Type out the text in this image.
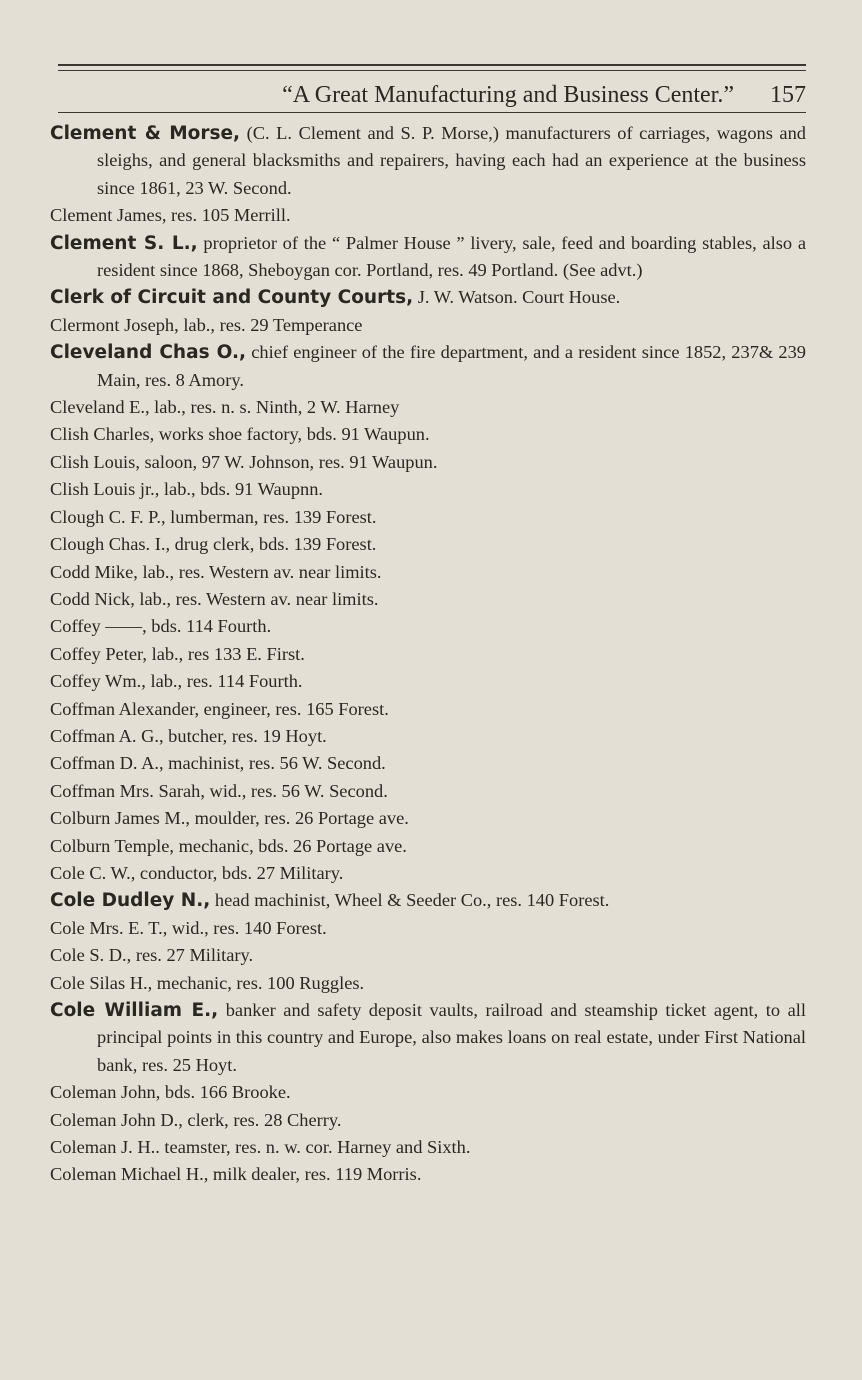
“A Great Manufacturing and Business Center.” 157

Clement & Morse, (C. L. Clement and S. P. Morse,) manufacturers of carriages, wagons and sleighs, and general blacksmiths and repairers, having each had an experience at the business since 1861, 23 W. Second.

Clement James, res. 105 Merrill.

Clement S. L., proprietor of the “ Palmer House ” livery, sale, feed and boarding stables, also a resident since 1868, Sheboygan cor. Portland, res. 49 Portland. (See advt.)

Clerk of Circuit and County Courts, J. W. Watson. Court House.

Clermont Joseph, lab., res. 29 Temperance

Cleveland Chas O., chief engineer of the fire department, and a resident since 1852, 237& 239 Main, res. 8 Amory.

Cleveland E., lab., res. n. s. Ninth, 2 W. Harney

Clish Charles, works shoe factory, bds. 91 Waupun.

Clish Louis, saloon, 97 W. Johnson, res. 91 Waupun.

Clish Louis jr., lab., bds. 91 Waupnn.

Clough C. F. P., lumberman, res. 139 Forest.

Clough Chas. I., drug clerk, bds. 139 Forest.

Codd Mike, lab., res. Western av. near limits.

Codd Nick, lab., res. Western av. near limits.

Coffey ——, bds. 114 Fourth.

Coffey Peter, lab., res 133 E. First.

Coffey Wm., lab., res. 114 Fourth.

Coffman Alexander, engineer, res. 165 Forest.

Coffman A. G., butcher, res. 19 Hoyt.

Coffman D. A., machinist, res. 56 W. Second.

Coffman Mrs. Sarah, wid., res. 56 W. Second.

Colburn James M., moulder, res. 26 Portage ave.

Colburn Temple, mechanic, bds. 26 Portage ave.

Cole C. W., conductor, bds. 27 Military.

Cole Dudley N., head machinist, Wheel & Seeder Co., res. 140 Forest.

Cole Mrs. E. T., wid., res. 140 Forest.

Cole S. D., res. 27 Military.

Cole Silas H., mechanic, res. 100 Ruggles.

Cole William E., banker and safety deposit vaults, railroad and steamship ticket agent, to all principal points in this country and Europe, also makes loans on real estate, under First National bank, res. 25 Hoyt.

Coleman John, bds. 166 Brooke.

Coleman John D., clerk, res. 28 Cherry.

Coleman J. H.. teamster, res. n. w. cor. Harney and Sixth.

Coleman Michael H., milk dealer, res. 119 Morris.
